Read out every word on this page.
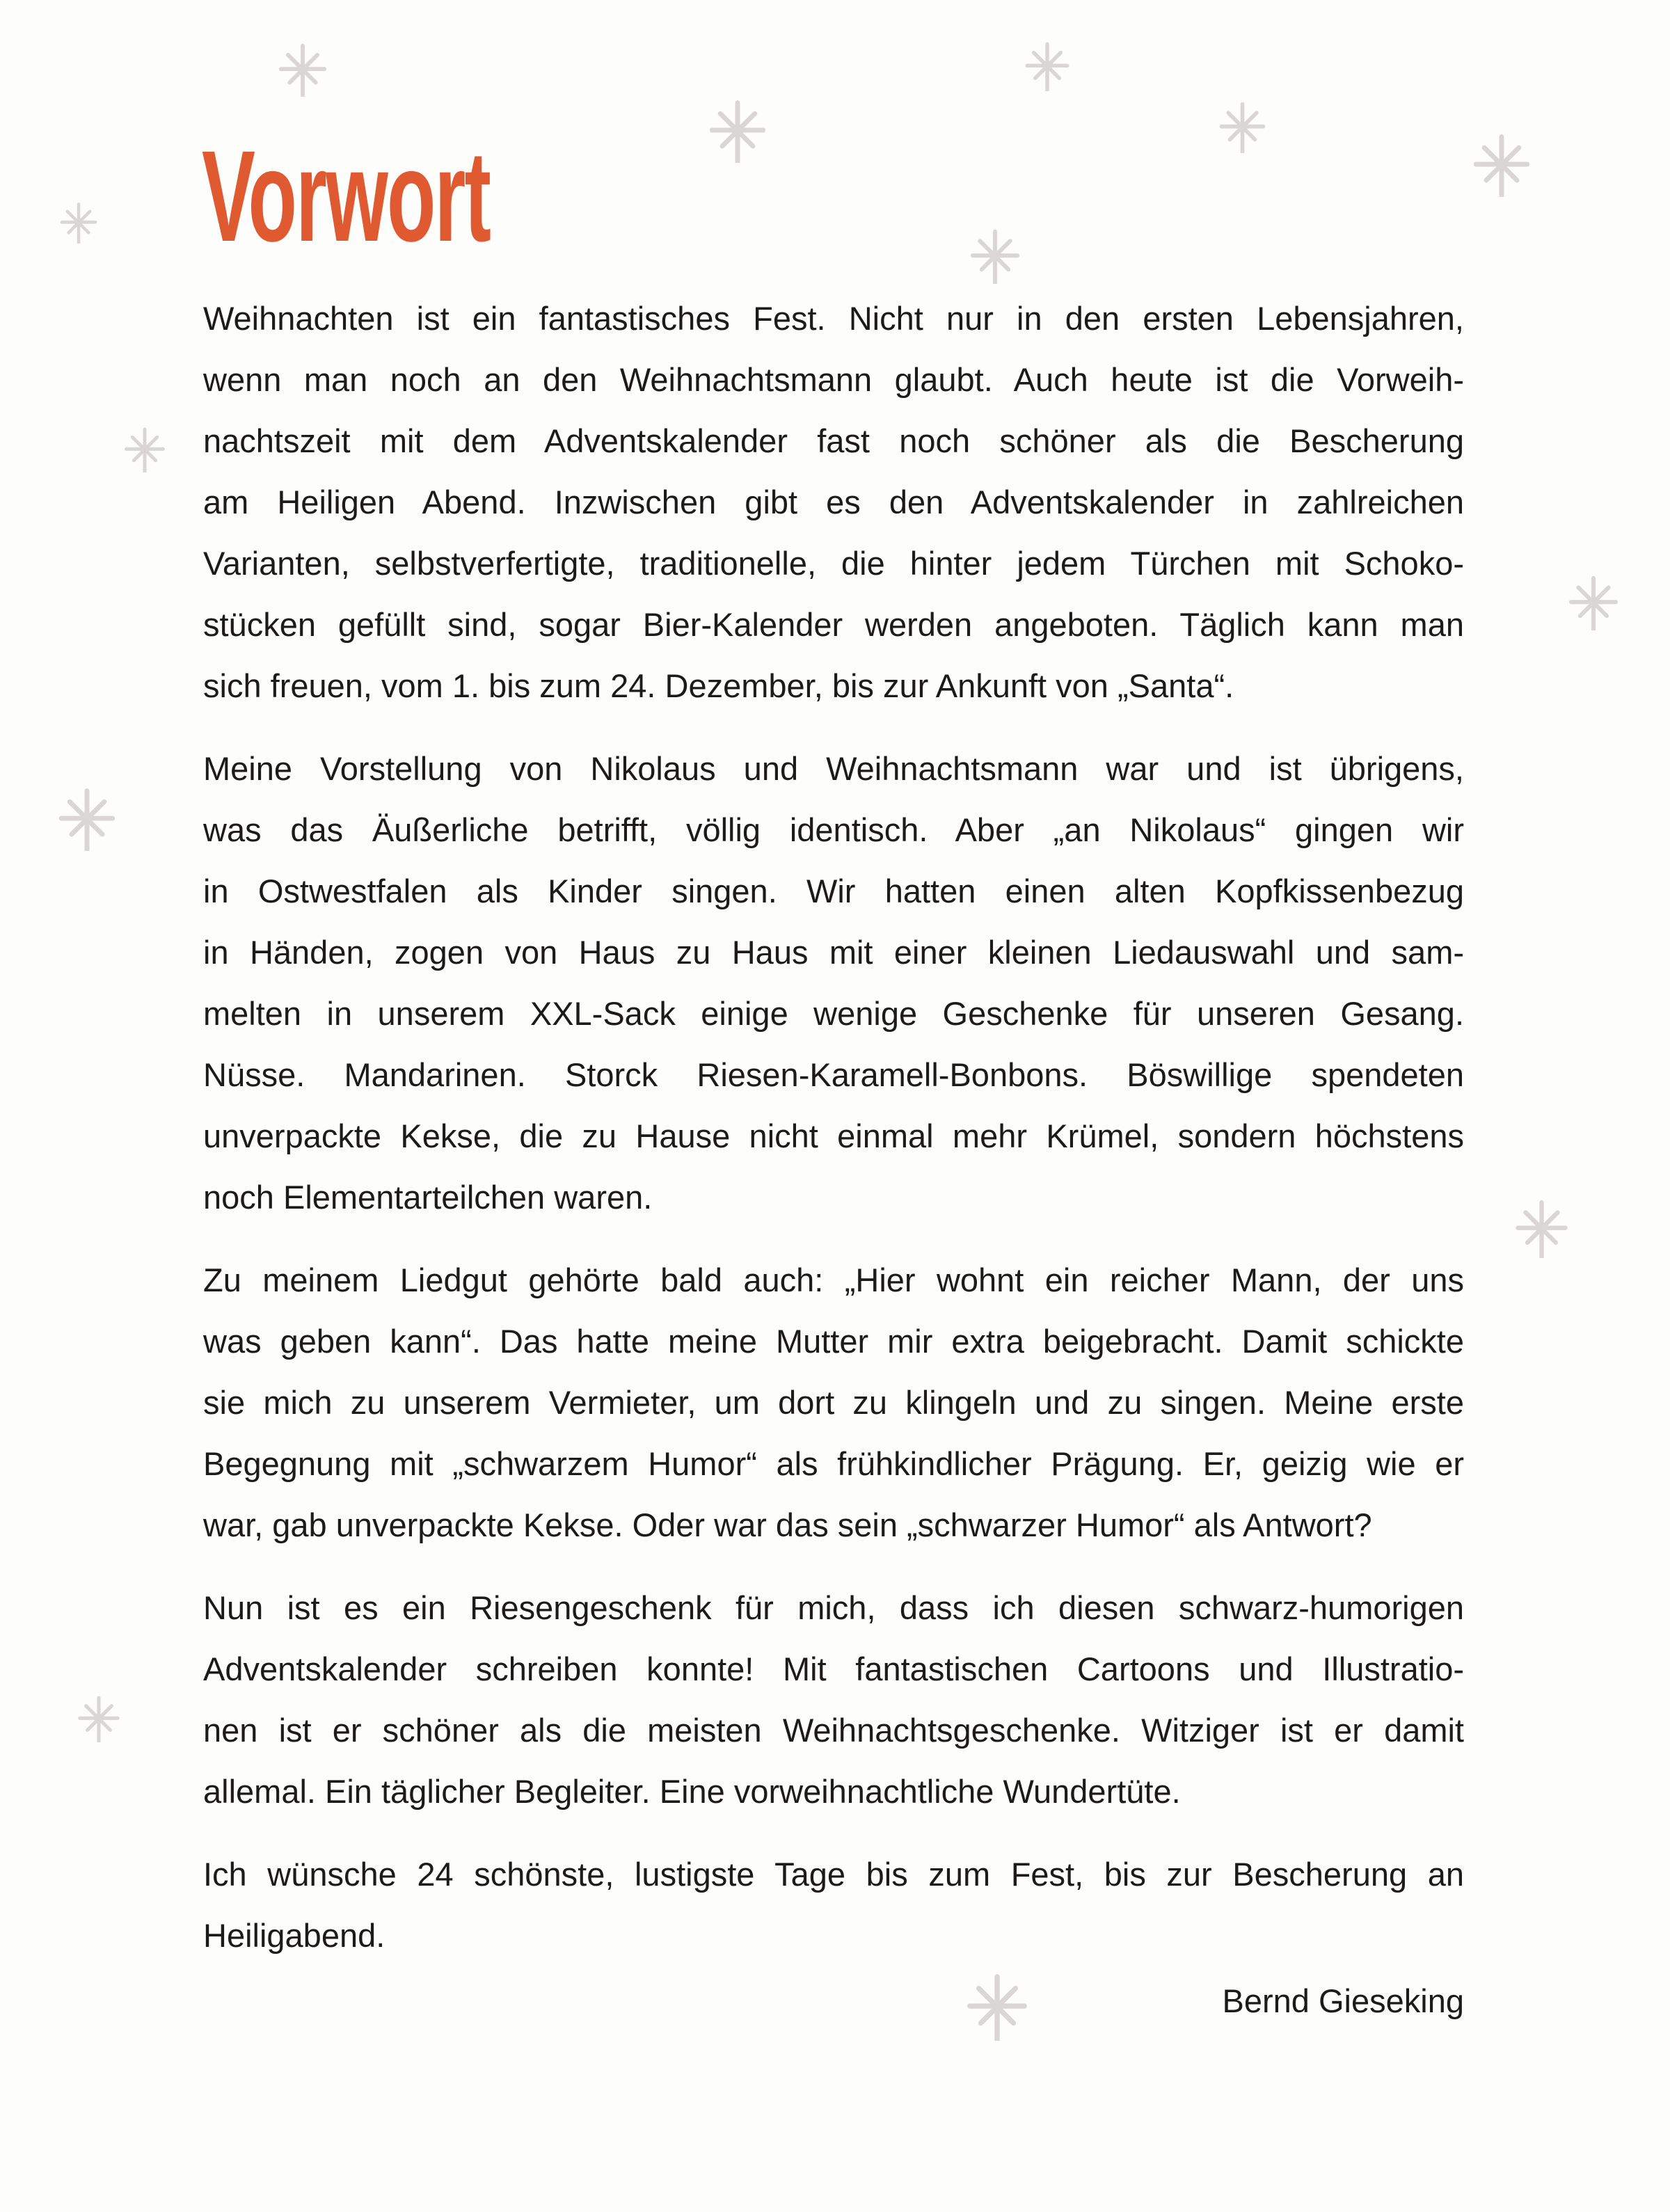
Vorwort
Weihnachten ist ein fantastisches Fest. Nicht nur in den ersten Lebensjahren,
wenn man noch an den Weihnachtsmann glaubt. Auch heute ist die Vorweih-
nachtszeit mit dem Adventskalender fast noch schöner als die Bescherung
am Heiligen Abend. Inzwischen gibt es den Adventskalender in zahlreichen
Varianten, selbstverfertigte, traditionelle, die hinter jedem Türchen mit Schoko-
stücken gefüllt sind, sogar Bier-Kalender werden angeboten. Täglich kann man
sich freuen, vom 1. bis zum 24. Dezember, bis zur Ankunft von „Santa“.
Meine Vorstellung von Nikolaus und Weihnachtsmann war und ist übrigens,
was das Äußerliche betrifft, völlig identisch. Aber „an Nikolaus“ gingen wir
in Ostwestfalen als Kinder singen. Wir hatten einen alten Kopfkissenbezug
in Händen, zogen von Haus zu Haus mit einer kleinen Liedauswahl und sam-
melten in unserem XXL-Sack einige wenige Geschenke für unseren Gesang.
Nüsse. Mandarinen. Storck Riesen-Karamell-Bonbons. Böswillige spendeten
unverpackte Kekse, die zu Hause nicht einmal mehr Krümel, sondern höchstens
noch Elementarteilchen waren.
Zu meinem Liedgut gehörte bald auch: „Hier wohnt ein reicher Mann, der uns
was geben kann“. Das hatte meine Mutter mir extra beigebracht. Damit schickte
sie mich zu unserem Vermieter, um dort zu klingeln und zu singen. Meine erste
Begegnung mit „schwarzem Humor“ als frühkindlicher Prägung. Er, geizig wie er
war, gab unverpackte Kekse. Oder war das sein „schwarzer Humor“ als Antwort?
Nun ist es ein Riesengeschenk für mich, dass ich diesen schwarz-humorigen
Adventskalender schreiben konnte! Mit fantastischen Cartoons und Illustratio-
nen ist er schöner als die meisten Weihnachtsgeschenke. Witziger ist er damit
allemal. Ein täglicher Begleiter. Eine vorweihnachtliche Wundertüte.
Ich wünsche 24 schönste, lustigste Tage bis zum Fest, bis zur Bescherung an
Heiligabend.
Bernd Gieseking
